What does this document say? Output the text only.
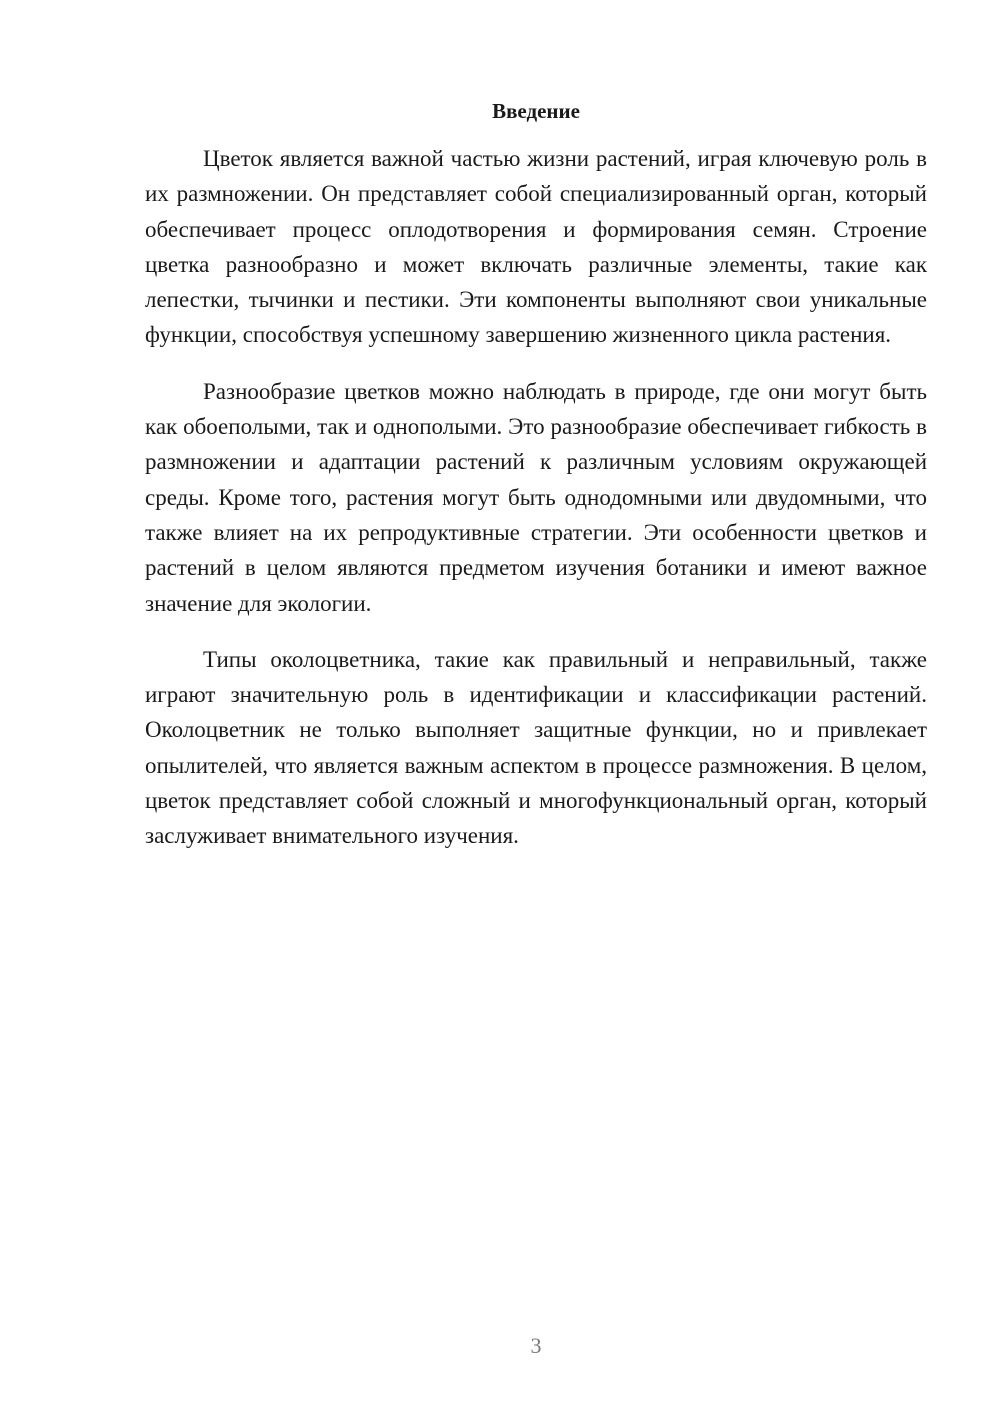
Введение

Цветок является важной частью жизни растений, играя ключевую роль в их размножении. Он представляет собой специализированный орган, который обеспечивает процесс оплодотворения и формирования семян. Строение цветка разнообразно и может включать различные элементы, такие как лепестки, тычинки и пестики. Эти компоненты выполняют свои уникальные функции, способствуя успешному завершению жизненного цикла растения.

Разнообразие цветков можно наблюдать в природе, где они могут быть как обоеполыми, так и однополыми. Это разнообразие обеспечивает гибкость в размножении и адаптации растений к различным условиям окружающей среды. Кроме того, растения могут быть однодомными или двудомными, что также влияет на их репродуктивные стратегии. Эти особенности цветков и растений в целом являются предметом изучения ботаники и имеют важное значение для экологии.

Типы околоцветника, такие как правильный и неправильный, также играют значительную роль в идентификации и классификации растений. Околоцветник не только выполняет защитные функции, но и привлекает опылителей, что является важным аспектом в процессе размножения. В целом, цветок представляет собой сложный и многофункциональный орган, который заслуживает внимательного изучения.

3
